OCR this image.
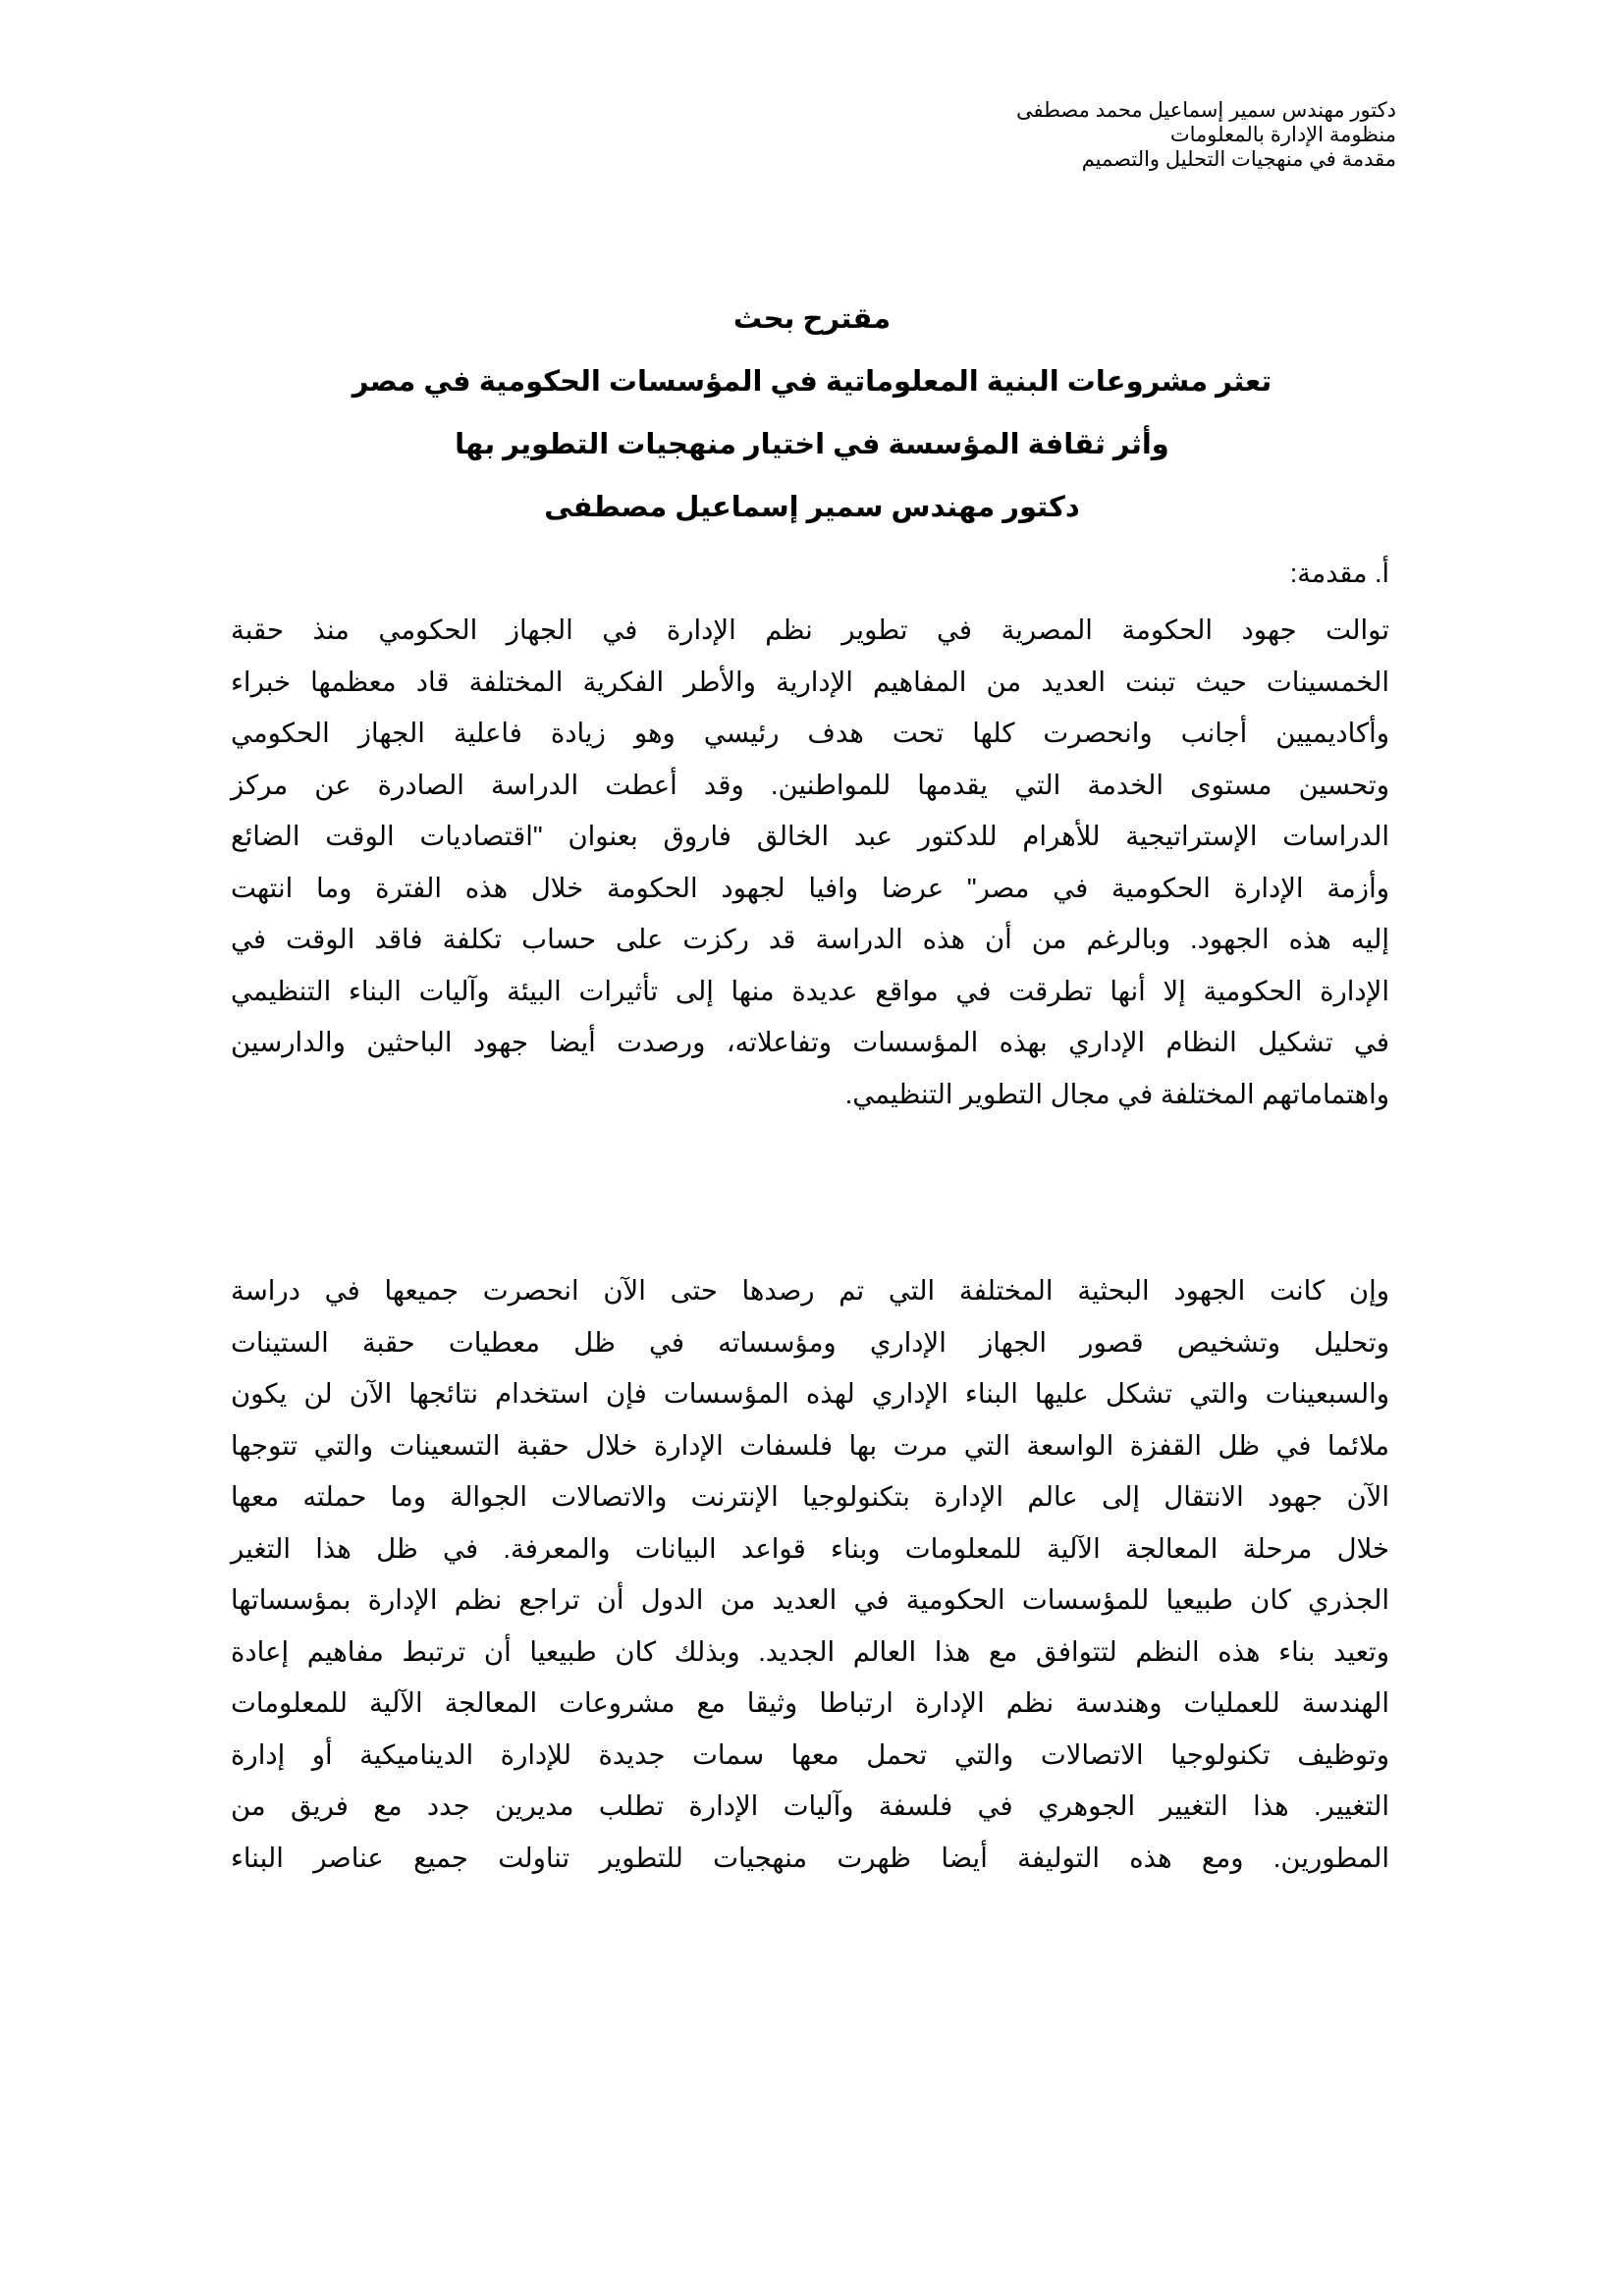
دكتور مهندس سمير إسماعيل محمد مصطفى
منظومة الإدارة بالمعلومات
مقدمة في منهجيات التحليل والتصميم
مقترح بحث
تعثر مشروعات البنية المعلوماتية في المؤسسات الحكومية في مصر
وأثر ثقافة المؤسسة في اختيار منهجيات التطوير بها
دكتور مهندس سمير إسماعيل مصطفى
أ. مقدمة:
توالت جهود الحكومة المصرية في تطوير نظم الإدارة في الجهاز الحكومي منذ حقبة
الخمسينات حيث تبنت العديد من المفاهيم الإدارية والأطر الفكرية المختلفة قاد معظمها خبراء
وأكاديميين أجانب وانحصرت كلها تحت هدف رئيسي وهو زيادة فاعلية الجهاز الحكومي
وتحسين مستوى الخدمة التي يقدمها للمواطنين. وقد أعطت الدراسة الصادرة عن مركز
الدراسات الإستراتيجية للأهرام للدكتور عبد الخالق فاروق بعنوان "اقتصاديات الوقت الضائع
وأزمة الإدارة الحكومية في مصر" عرضا وافيا لجهود الحكومة خلال هذه الفترة وما انتهت
إليه هذه الجهود. وبالرغم من أن هذه الدراسة قد ركزت على حساب تكلفة فاقد الوقت في
الإدارة الحكومية إلا أنها تطرقت في مواقع عديدة منها إلى تأثيرات البيئة وآليات البناء التنظيمي
في تشكيل النظام الإداري بهذه المؤسسات وتفاعلاته، ورصدت أيضا جهود الباحثين والدارسين
واهتماماتهم المختلفة في مجال التطوير التنظيمي.
وإن كانت الجهود البحثية المختلفة التي تم رصدها حتى الآن انحصرت جميعها في دراسة
وتحليل وتشخيص قصور الجهاز الإداري ومؤسساته في ظل معطيات حقبة الستينات
والسبعينات والتي تشكل عليها البناء الإداري لهذه المؤسسات فإن استخدام نتائجها الآن لن يكون
ملائما في ظل القفزة الواسعة التي مرت بها فلسفات الإدارة خلال حقبة التسعينات والتي تتوجها
الآن جهود الانتقال إلى عالم الإدارة بتكنولوجيا الإنترنت والاتصالات الجوالة وما حملته معها
خلال مرحلة المعالجة الآلية للمعلومات وبناء قواعد البيانات والمعرفة. في ظل هذا التغير
الجذري كان طبيعيا للمؤسسات الحكومية في العديد من الدول أن تراجع نظم الإدارة بمؤسساتها
وتعيد بناء هذه النظم لتتوافق مع هذا العالم الجديد. وبذلك كان طبيعيا أن ترتبط مفاهيم إعادة
الهندسة للعمليات وهندسة نظم الإدارة ارتباطا وثيقا مع مشروعات المعالجة الآلية للمعلومات
وتوظيف تكنولوجيا الاتصالات والتي تحمل معها سمات جديدة للإدارة الديناميكية أو إدارة
التغيير. هذا التغيير الجوهري في فلسفة وآليات الإدارة تطلب مديرين جدد مع فريق من
المطورين. ومع هذه التوليفة أيضا ظهرت منهجيات للتطوير تناولت جميع عناصر البناء
